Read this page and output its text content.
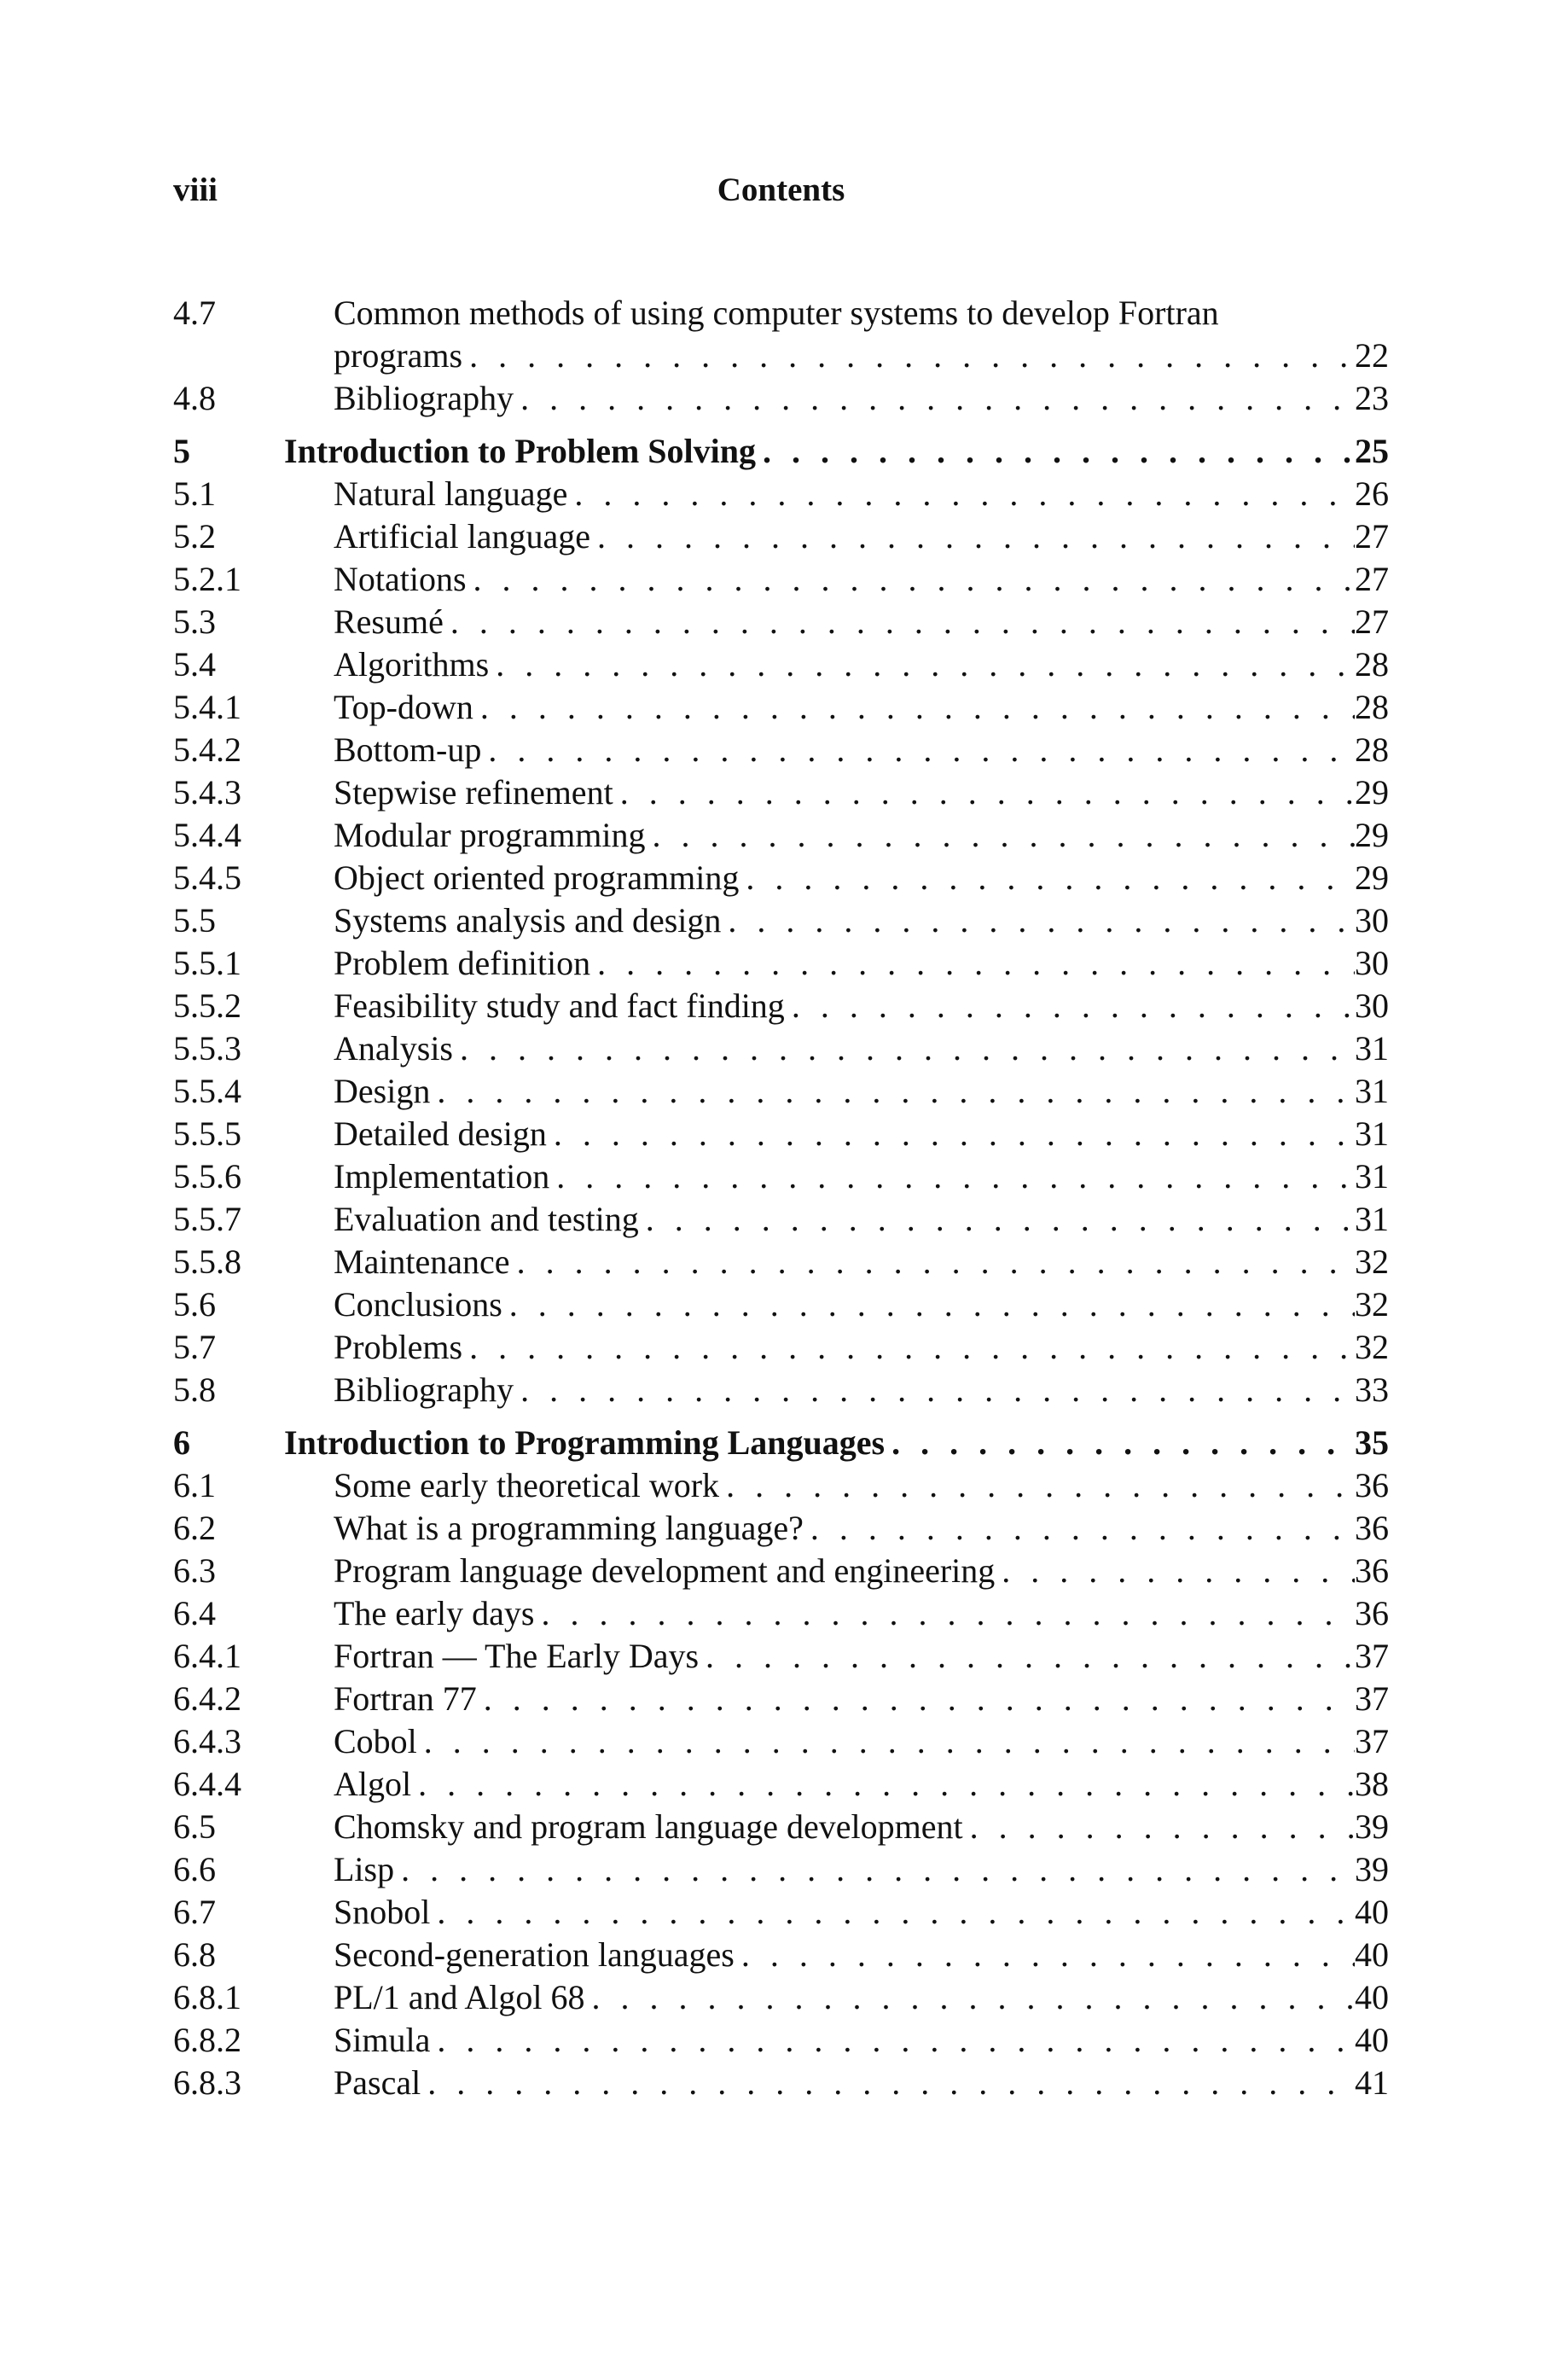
viii	Contents
4.7	Common methods of using computer systems to develop Fortran
programs . . .	22
4.8	Bibliography . . .	23
5	Introduction to Problem Solving . . .	25
5.1	Natural language . . .	26
5.2	Artificial language . . .	27
5.2.1	Notations . . .	27
5.3	Resumé . . .	27
5.4	Algorithms . . .	28
5.4.1	Top-down . . .	28
5.4.2	Bottom-up . . .	28
5.4.3	Stepwise refinement . . .	29
5.4.4	Modular programming . . .	29
5.4.5	Object oriented programming . . .	29
5.5	Systems analysis and design . . .	30
5.5.1	Problem definition . . .	30
5.5.2	Feasibility study and fact finding . . .	30
5.5.3	Analysis . . .	31
5.5.4	Design . . .	31
5.5.5	Detailed design . . .	31
5.5.6	Implementation . . .	31
5.5.7	Evaluation and testing . . .	31
5.5.8	Maintenance . . .	32
5.6	Conclusions . . .	32
5.7	Problems . . .	32
5.8	Bibliography . . .	33
6	Introduction to Programming Languages . . .	35
6.1	Some early theoretical work . . .	36
6.2	What is a programming language? . . .	36
6.3	Program language development and engineering . . .	36
6.4	The early days . . .	36
6.4.1	Fortran — The Early Days . . .	37
6.4.2	Fortran 77 . . .	37
6.4.3	Cobol . . .	37
6.4.4	Algol . . .	38
6.5	Chomsky and program language development . . .	39
6.6	Lisp . . .	39
6.7	Snobol . . .	40
6.8	Second-generation languages . . .	40
6.8.1	PL/1 and Algol 68 . . .	40
6.8.2	Simula . . .	40
6.8.3	Pascal . . .	41
